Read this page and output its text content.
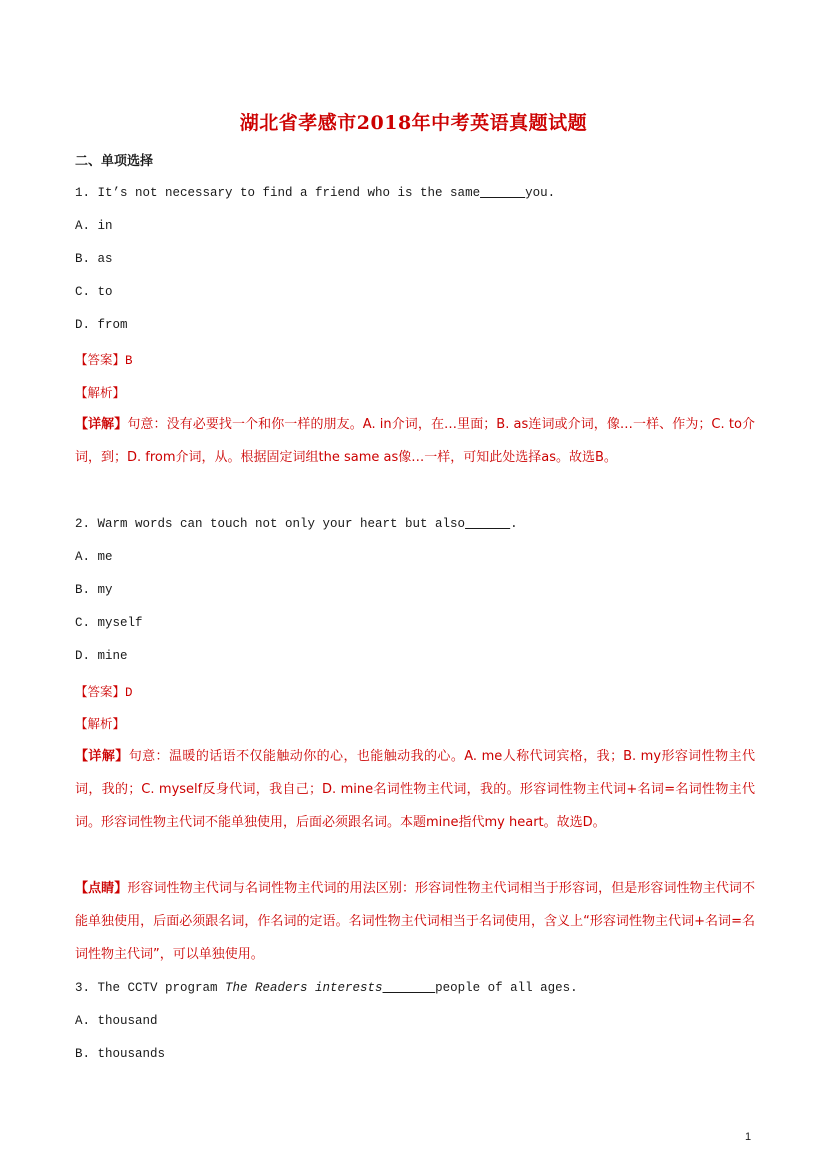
湖北省孝感市2018年中考英语真题试题
二、单项选择
1. It’s not necessary to find a friend who is the same______you.
A. in
B. as
C. to
D. from
【答案】B
【解析】

【详解】句意：没有必要找一个和你一样的朋友。A. in介词，在…里面；B. as连词或介词，像…一样、作为；C. to介词，到；D. from介词，从。根据固定词组the same as像…一样，可知此处选择as。故选B。

2. Warm words can touch not only your heart but also______.
A. me
B. my
C. myself
D. mine
【答案】D
【解析】

【详解】句意：温暖的话语不仅能触动你的心，也能触动我的心。A. me人称代词宾格，我；B. my形容词性物主代词，我的；C. myself反身代词，我自己；D. mine名词性物主代词，我的。形容词性物主代词+名词=名词性物主代词。形容词性物主代词不能单独使用，后面必须跟名词。本题mine指代my heart。故选D。

【点睛】形容词性物主代词与名词性物主代词的用法区别：形容词性物主代词相当于形容词，但是形容词性物主代词不能单独使用，后面必须跟名词，作名词的定语。名词性物主代词相当于名词使用，含义上“形容词性物主代词+名词=名词性物主代词”，可以单独使用。

3. The CCTV program The Readers interests_______people of all ages.
A. thousand
B. thousands
1
